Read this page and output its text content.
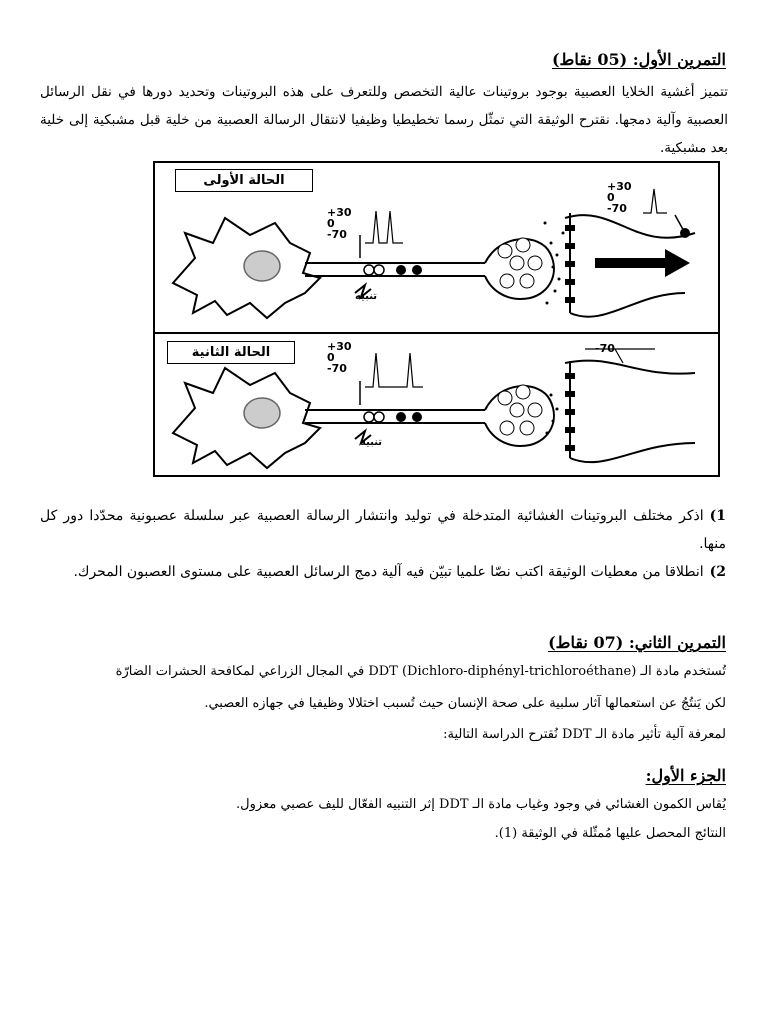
التمرين الأول: (05 نقاط)
تتميز أغشية الخلايا العصبية بوجود بروتينات عالية التخصص وللتعرف على هذه البروتينات وتحديد دورها في نقل الرسائل العصبية وآلية دمجها. نقترح الوثيقة التي تمثّل رسما تخطيطيا وظيفيا لانتقال الرسالة العصبية من خلية قبل مشبكية إلى خلية بعد مشبكية.
الحالة الأولى
الحالة الثانية
+30
0
-70
+30
0
-70
+30
0
-70
-70
تنبيه
تنبيه
1)اذكر مختلف البروتينات الغشائية المتدخلة في توليد وانتشار الرسالة العصبية عبر سلسلة عصبونية محدّدا دور كل منها.
2)انطلاقا من معطيات الوثيقة اكتب نصّا علميا تبيّن فيه آلية دمج الرسائل العصبية على مستوى العصبون المحرك.
التمرين الثاني: (07 نقاط)
تُستخدم مادة الـ DDT (Dichloro-diphényl-trichloroéthane) في المجال الزراعي لمكافحة الحشرات الضارّة
لكن يَنتُجُ عن استعمالها آثار سلبية على صحة الإنسان حيث تُسبب اختلالا وظيفيا في جهازه العصبي.
لمعرفة آلية تأثير مادة الـ DDT نُقترح الدراسة التالية:
الجزء الأول:
يُقاس الكمون الغشائي في وجود وغياب مادة الـ DDT إثر التنبيه الفعّال لليف عصبي معزول.
النتائج المحصل عليها مُمثّلة في الوثيقة (1).
